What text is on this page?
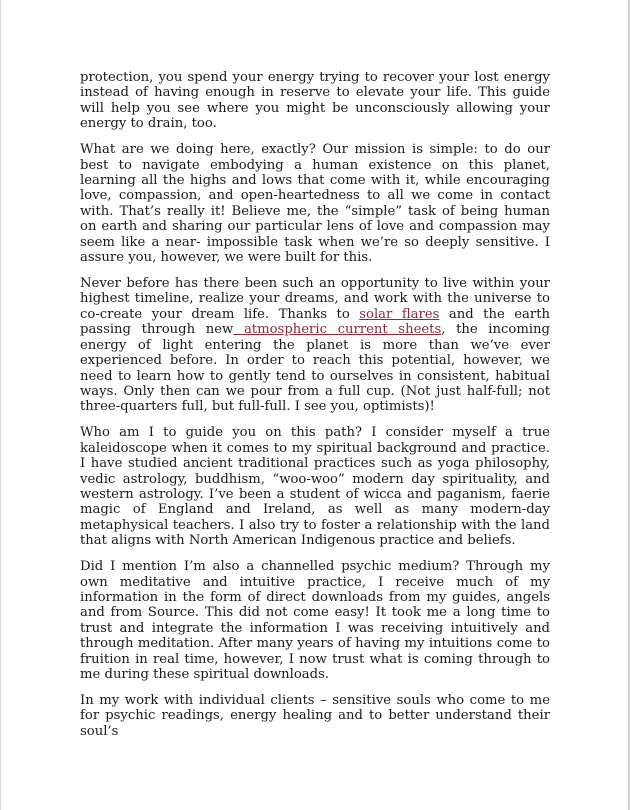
protection, you spend your energy trying to recover your lost energy instead of having enough in reserve to elevate your life. This guide will help you see where you might be unconsciously allowing your energy to drain, too.

What are we doing here, exactly? Our mission is simple: to do our best to navigate embodying a human existence on this planet, learning all the highs and lows that come with it, while encouraging love, compassion, and open-heartedness to all we come in contact with. That’s really it! Believe me, the “simple” task of being human on earth and sharing our particular lens of love and compassion may seem like a near- impossible task when we’re so deeply sensitive. I assure you, however, we were built for this.

Never before has there been such an opportunity to live within your highest timeline, realize your dreams, and work with the universe to co-create your dream life. Thanks to solar flares and the earth passing through new atmospheric current sheets, the incoming energy of light entering the planet is more than we’ve ever experienced before. In order to reach this potential, however, we need to learn how to gently tend to ourselves in consistent, habitual ways. Only then can we pour from a full cup. (Not just half-full; not three-quarters full, but full-full. I see you, optimists)!

Who am I to guide you on this path? I consider myself a true kaleidoscope when it comes to my spiritual background and practice. I have studied ancient traditional practices such as yoga philosophy, vedic astrology, buddhism, “woo-woo” modern day spirituality, and western astrology. I’ve been a student of wicca and paganism, faerie magic of England and Ireland, as well as many modern-day metaphysical teachers. I also try to foster a relationship with the land that aligns with North American Indigenous practice and beliefs.

Did I mention I’m also a channelled psychic medium? Through my own meditative and intuitive practice, I receive much of my information in the form of direct downloads from my guides, angels and from Source. This did not come easy! It took me a long time to trust and integrate the information I was receiving intuitively and through meditation. After many years of having my intuitions come to fruition in real time, however, I now trust what is coming through to me during these spiritual downloads.

In my work with individual clients – sensitive souls who come to me for psychic readings, energy healing and to better understand their soul’s
